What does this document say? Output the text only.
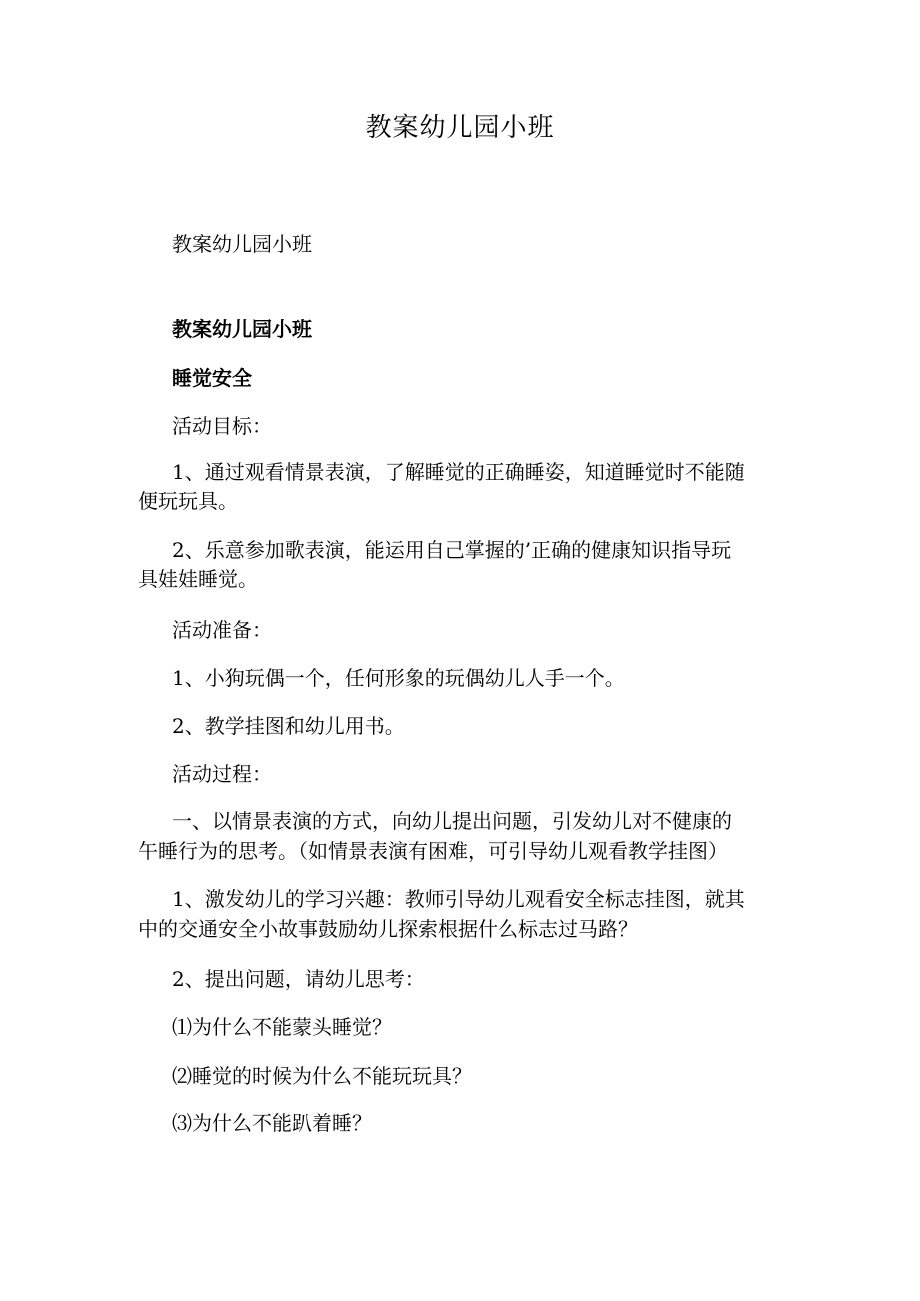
教案幼儿园小班
教案幼儿园小班
教案幼儿园小班
睡觉安全
活动目标：
1、通过观看情景表演，了解睡觉的正确睡姿，知道睡觉时不能随
便玩玩具。
2、乐意参加歌表演，能运用自己掌握的’正确的健康知识指导玩
具娃娃睡觉。
活动准备：
1、小狗玩偶一个，任何形象的玩偶幼儿人手一个。
2、教学挂图和幼儿用书。
活动过程：
一、以情景表演的方式，向幼儿提出问题，引发幼儿对不健康的
午睡行为的思考。（如情景表演有困难，可引导幼儿观看教学挂图）
1、激发幼儿的学习兴趣：教师引导幼儿观看安全标志挂图，就其
中的交通安全小故事鼓励幼儿探索根据什么标志过马路？
2、提出问题，请幼儿思考：
⑴为什么不能蒙头睡觉？
⑵睡觉的时候为什么不能玩玩具？
⑶为什么不能趴着睡？
